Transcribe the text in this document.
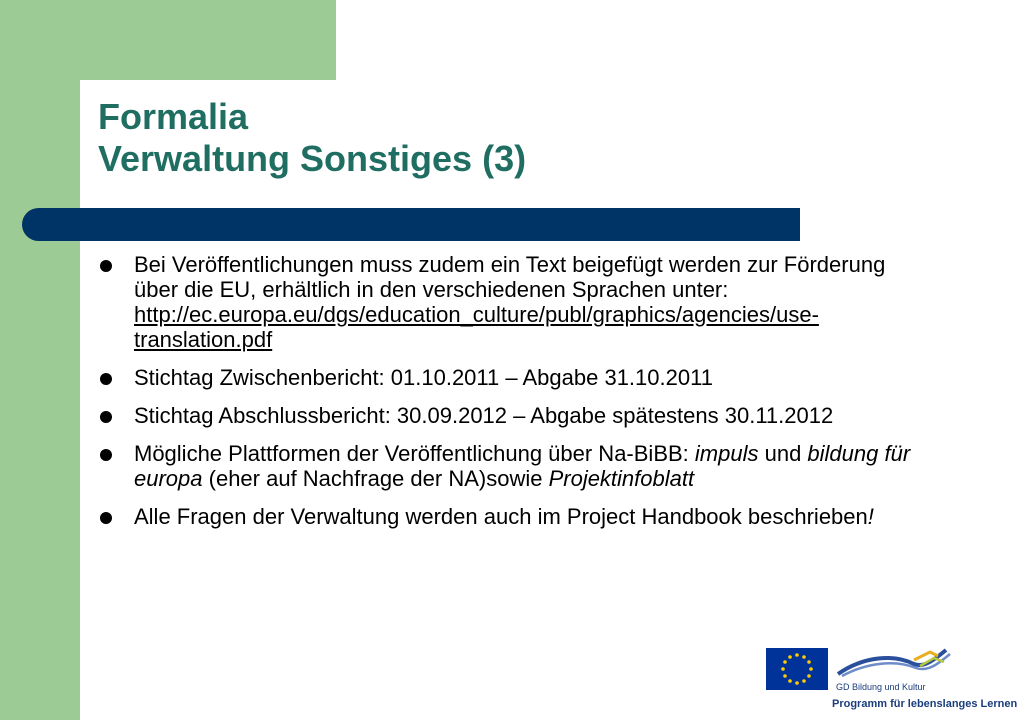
Formalia
Verwaltung Sonstiges (3)
Bei Veröffentlichungen muss zudem ein Text beigefügt werden zur Förderung über die EU, erhältlich in den verschiedenen Sprachen unter:
http://ec.europa.eu/dgs/education_culture/publ/graphics/agencies/use-translation.pdf
Stichtag Zwischenbericht: 01.10.2011 – Abgabe 31.10.2011
Stichtag Abschlussbericht: 30.09.2012 – Abgabe spätestens 30.11.2012
Mögliche Plattformen der Veröffentlichung über Na-BiBB: impuls und bildung für europa (eher auf Nachfrage der NA)sowie Projektinfoblatt
Alle Fragen der Verwaltung werden auch im Project Handbook beschrieben!
GD Bildung und Kultur
Programm für lebenslanges Lernen
